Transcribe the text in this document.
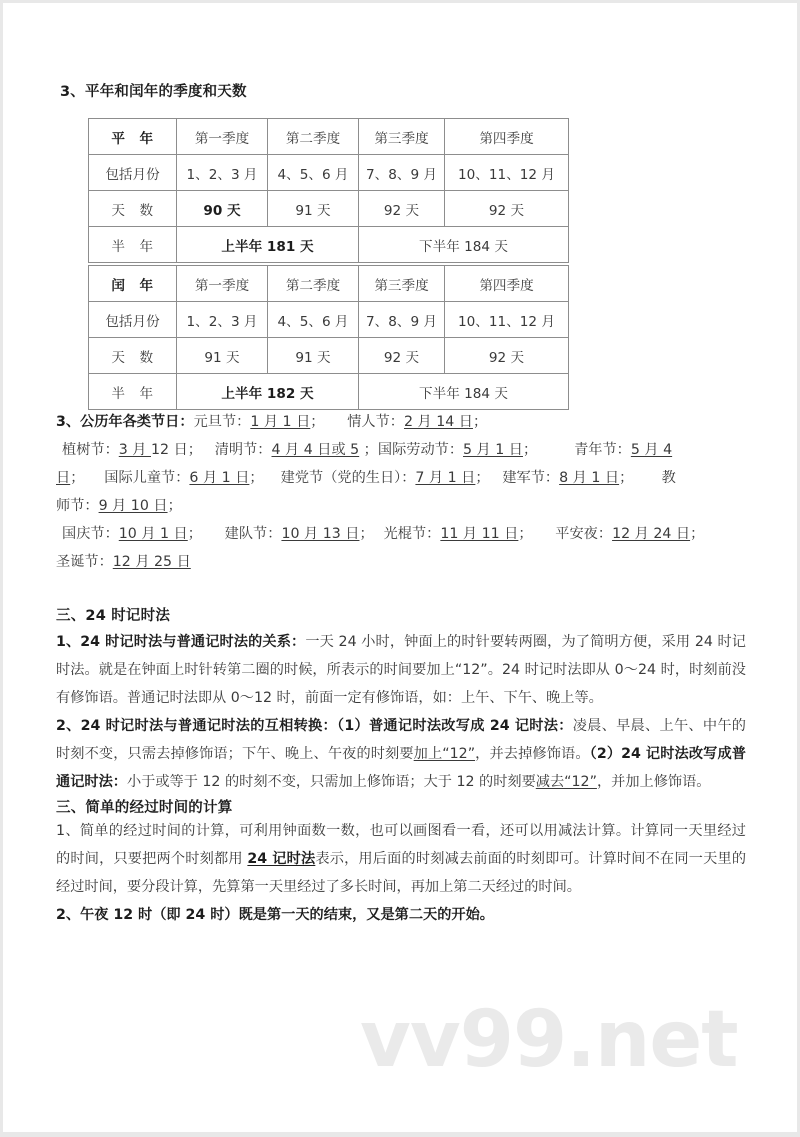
3、平年和闰年的季度和天数
平　年	第一季度	第二季度	第三季度	第四季度
包括月份	1、2、3 月	4、5、6 月	7、8、9 月	10、11、12 月
天　数	90 天	91 天	92 天	92 天
半　年	上半年 181 天		下半年 184 天	
闰　年	第一季度	第二季度	第三季度	第四季度
包括月份	1、2、3 月	4、5、6 月	7、8、9 月	10、11、12 月
天　数	91 天	91 天	92 天	92 天
半　年	上半年 182 天		下半年 184 天	
3、公历年各类节日：元旦节：1 月 1 日； 情人节：2 月 14 日；
植树节：3 月 12 日； 清明节：4 月 4 日或 5 ；国际劳动节：5 月 1 日；	青年节：5 月 4
日； 国际儿童节：6 月 1 日； 建党节（党的生日）：7 月 1 日； 建军节：8 月 1 日； 教
师节：9 月 10 日；
国庆节：10 月 1 日； 建队节：10 月 13 日； 光棍节：11 月 11 日； 平安夜：12 月 24 日；
圣诞节：12 月 25 日
三、24 时记时法
1、24 时记时法与普通记时法的关系：一天 24 小时，钟面上的时针要转两圈，为了简明方便，采用 24 时记时法。就是在钟面上时针转第二圈的时候，所表示的时间要加上“12”。24 时记时法即从 0～24 时，时刻前没有修饰语。普通记时法即从 0～12 时，前面一定有修饰语，如：上午、下午、晚上等。
2、24 时记时法与普通记时法的互相转换：（1）普通记时法改写成 24 记时法：凌晨、早晨、上午、中午的时刻不变，只需去掉修饰语；下午、晚上、午夜的时刻要加上“12”，并去掉修饰语。（2）24 记时法改写成普通记时法：小于或等于 12 的时刻不变，只需加上修饰语；大于 12 的时刻要减去“12”，并加上修饰语。
三、简单的经过时间的计算
1、简单的经过时间的计算，可利用钟面数一数，也可以画图看一看，还可以用减法计算。计算同一天里经过的时间，只要把两个时刻都用 24 记时法表示，用后面的时刻减去前面的时刻即可。计算时间不在同一天里的经过时间，要分段计算，先算第一天里经过了多长时间，再加上第二天经过的时间。
2、午夜 12 时（即 24 时）既是第一天的结束，又是第二天的开始。
vv99.net
